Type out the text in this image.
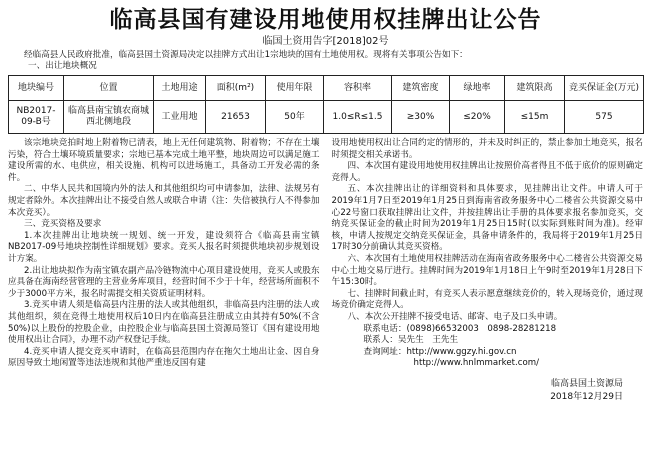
临高县国有建设用地使用权挂牌出让公告
临国土资用告字[2018]02号
经临高县人民政府批准，临高县国土资源局决定以挂牌方式出让1宗地块的国有土地使用权。现将有关事项公告如下：
一、出让地块概况
地块编号	位置	土地用途	面积(m²)	使用年限	容积率	建筑密度	绿地率	建筑限高	竞买保证金(万元)
NB2017-09-B号	临高县南宝镇农商城西北侧地段	工业用地	21653	50年	1.0≤R≤1.5	≥30%	≤20%	≤15m	575

该宗地块竞拍时地上附着物已清表，地上无任何建筑物、附着物；不存在土壤污染，符合土壤环境质量要求；宗地已基本完成土地平整，地块周边可以满足施工建设所需的水、电供应，相关设施、机构可以进场施工，具备动工开发必需的条件。

二、中华人民共和国境内外的法人和其他组织均可申请参加，法律、法规另有规定者除外。本次挂牌出让不接受自然人或联合申请（注：失信被执行人不得参加本次竞买）。

三、竞买资格及要求

1.本次挂牌出让地块统一规划、统一开发，建设须符合《临高县南宝镇NB2017-09号地块控制性详细规划》要求。竞买人报名时须提供地块初步规划设计方案。

2.出让地块拟作为南宝镇农副产品冷链物流中心项目建设使用，竞买人或股东应具备在海南经营管理的主营业务库项目，经营时间不少于十年，经营场所面积不少于3000平方米，报名时需提交相关资质证明材料。

3.竞买申请人须是临高县内注册的法人或其他组织，非临高县内注册的法人或其他组织，须在竞得土地使用权后10日内在临高县注册成立由其持有50%(不含50%)以上股份的控股企业，由控股企业与临高县国土资源局签订《国有建设用地使用权出让合同》，办理不动产权登记手续。

4.竞买申请人提交竞买申请时，在临高县范围内存在拖欠土地出让金、因自身原因导致土地闲置等违法违规和其他严重违反国有建

设用地使用权出让合同约定的情形的，并未及时纠正的，禁止参加土地竞买，报名时须提交相关承诺书。

四、本次国有建设用地使用权挂牌出让按照价高者得且不低于底价的原则确定竞得人。

五、本次挂牌出让的详细资料和具体要求，见挂牌出让文件。申请人可于2019年1月7日至2019年1月25日到海南省政务服务中心二楼省公共资源交易中心22号窗口获取挂牌出让文件，并按挂牌出让手册的具体要求报名参加竞买，交纳竞买保证金的截止时间为2019年1月25日15时(以实际到账时间为准)。经审核，申请人按规定交纳竞买保证金，具备申请条件的，我局将于2019年1月25日17时30分前确认其竞买资格。

六、本次国有土地使用权挂牌活动在海南省政务服务中心二楼省公共资源交易中心土地交易厅进行。挂牌时间为2019年1月18日上午9时至2019年1月28日下午15:30时。

七、挂牌时间截止时，有竞买人表示愿意继续竞价的，转入现场竞价，通过现场竞价确定竞得人。

八、本次公开挂牌不接受电话、邮寄、电子及口头申请。

联系电话：(0898)66532003　0898-28281218
联系人：吴先生　王先生
查询网址：http://www.ggzy.hi.gov.cn
http://www.hnlmmarket.com/
临高县国土资源局
2018年12月29日
